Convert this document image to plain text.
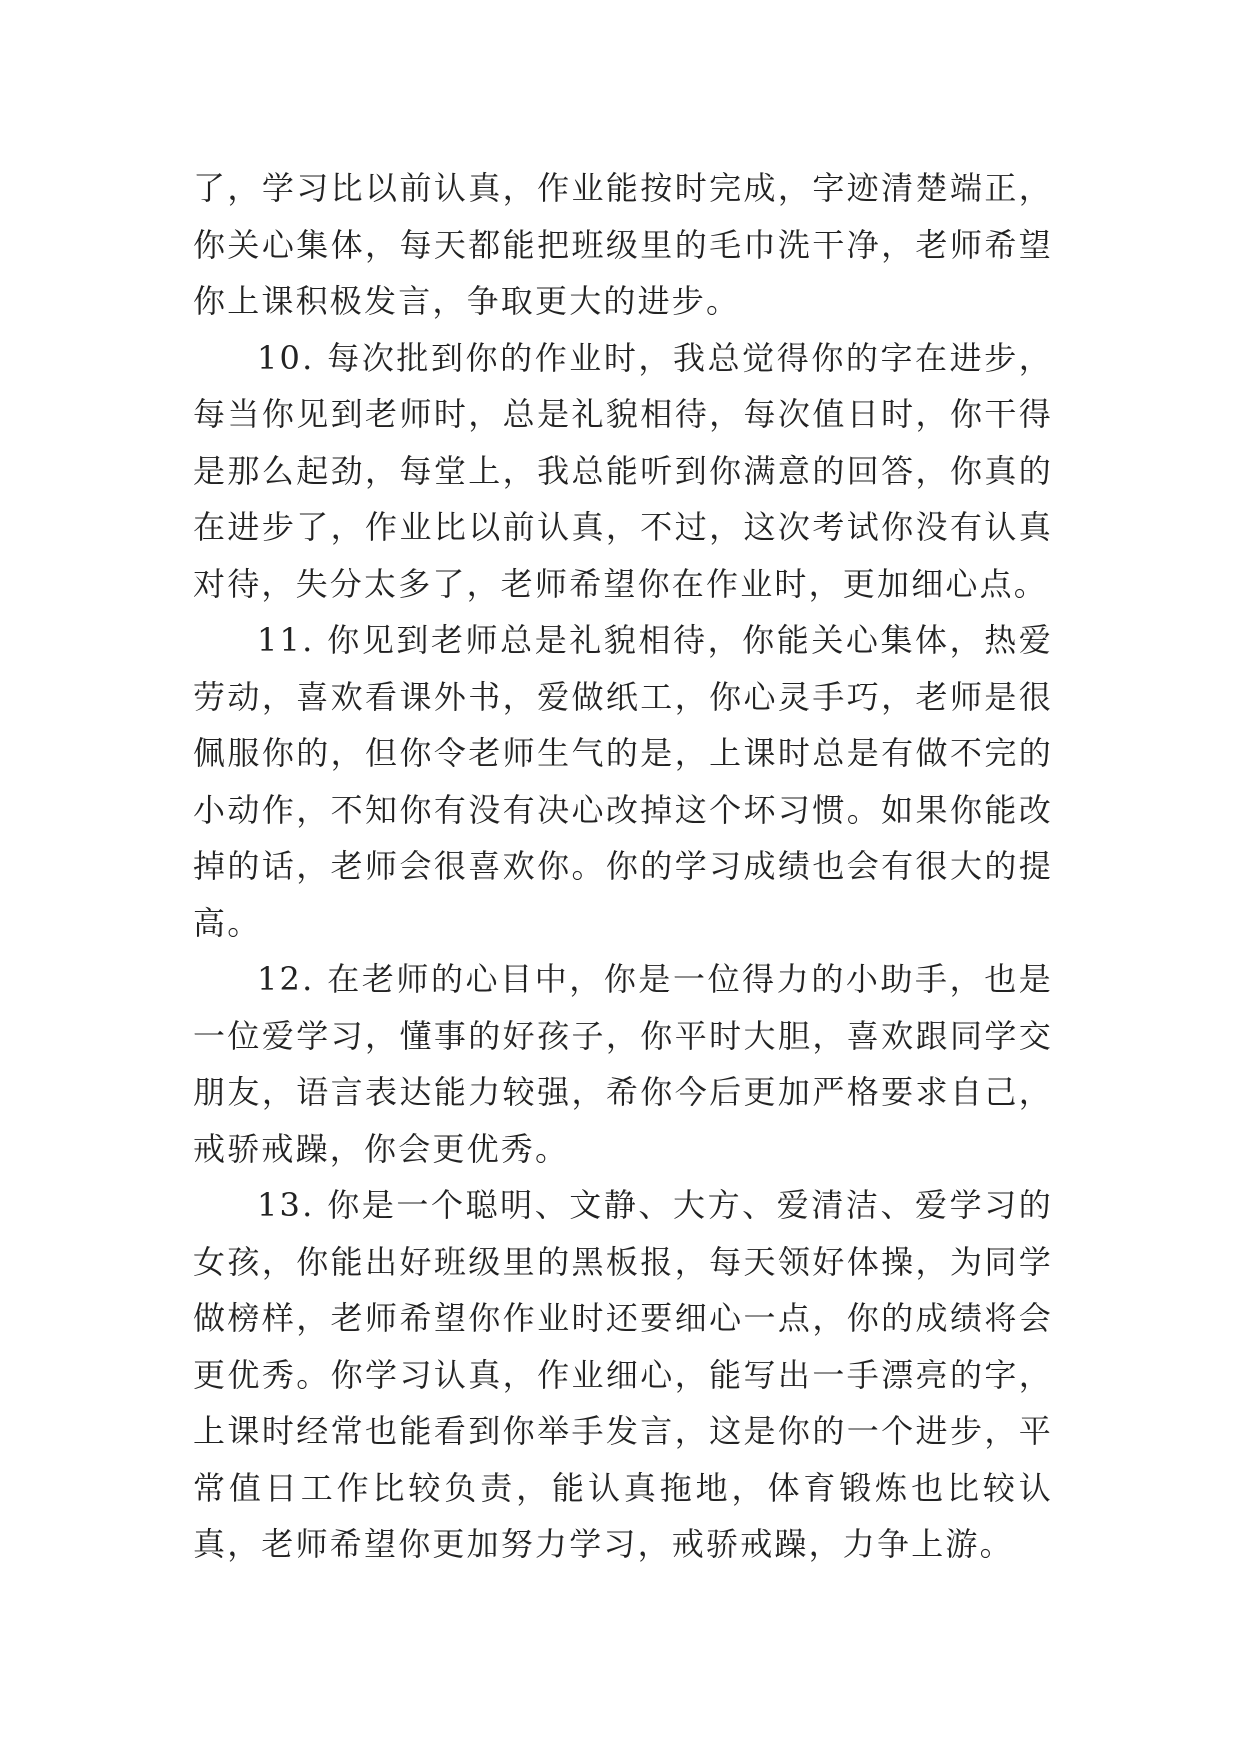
了，学习比以前认真，作业能按时完成，字迹清楚端正，你关心集体，每天都能把班级里的毛巾洗干净，老师希望你上课积极发言，争取更大的进步。

10. 每次批到你的作业时，我总觉得你的字在进步，每当你见到老师时，总是礼貌相待，每次值日时，你干得是那么起劲，每堂上，我总能听到你满意的回答，你真的在进步了，作业比以前认真，不过，这次考试你没有认真对待，失分太多了，老师希望你在作业时，更加细心点。

11. 你见到老师总是礼貌相待，你能关心集体，热爱劳动，喜欢看课外书，爱做纸工，你心灵手巧，老师是很佩服你的，但你令老师生气的是，上课时总是有做不完的小动作，不知你有没有决心改掉这个坏习惯。如果你能改掉的话，老师会很喜欢你。你的学习成绩也会有很大的提高。

12. 在老师的心目中，你是一位得力的小助手，也是一位爱学习，懂事的好孩子，你平时大胆，喜欢跟同学交朋友，语言表达能力较强，希你今后更加严格要求自己，戒骄戒躁，你会更优秀。

13. 你是一个聪明、文静、大方、爱清洁、爱学习的女孩，你能出好班级里的黑板报，每天领好体操，为同学做榜样，老师希望你作业时还要细心一点，你的成绩将会更优秀。你学习认真，作业细心，能写出一手漂亮的字，上课时经常也能看到你举手发言，这是你的一个进步，平常值日工作比较负责，能认真拖地，体育锻炼也比较认真，老师希望你更加努力学习，戒骄戒躁，力争上游。
